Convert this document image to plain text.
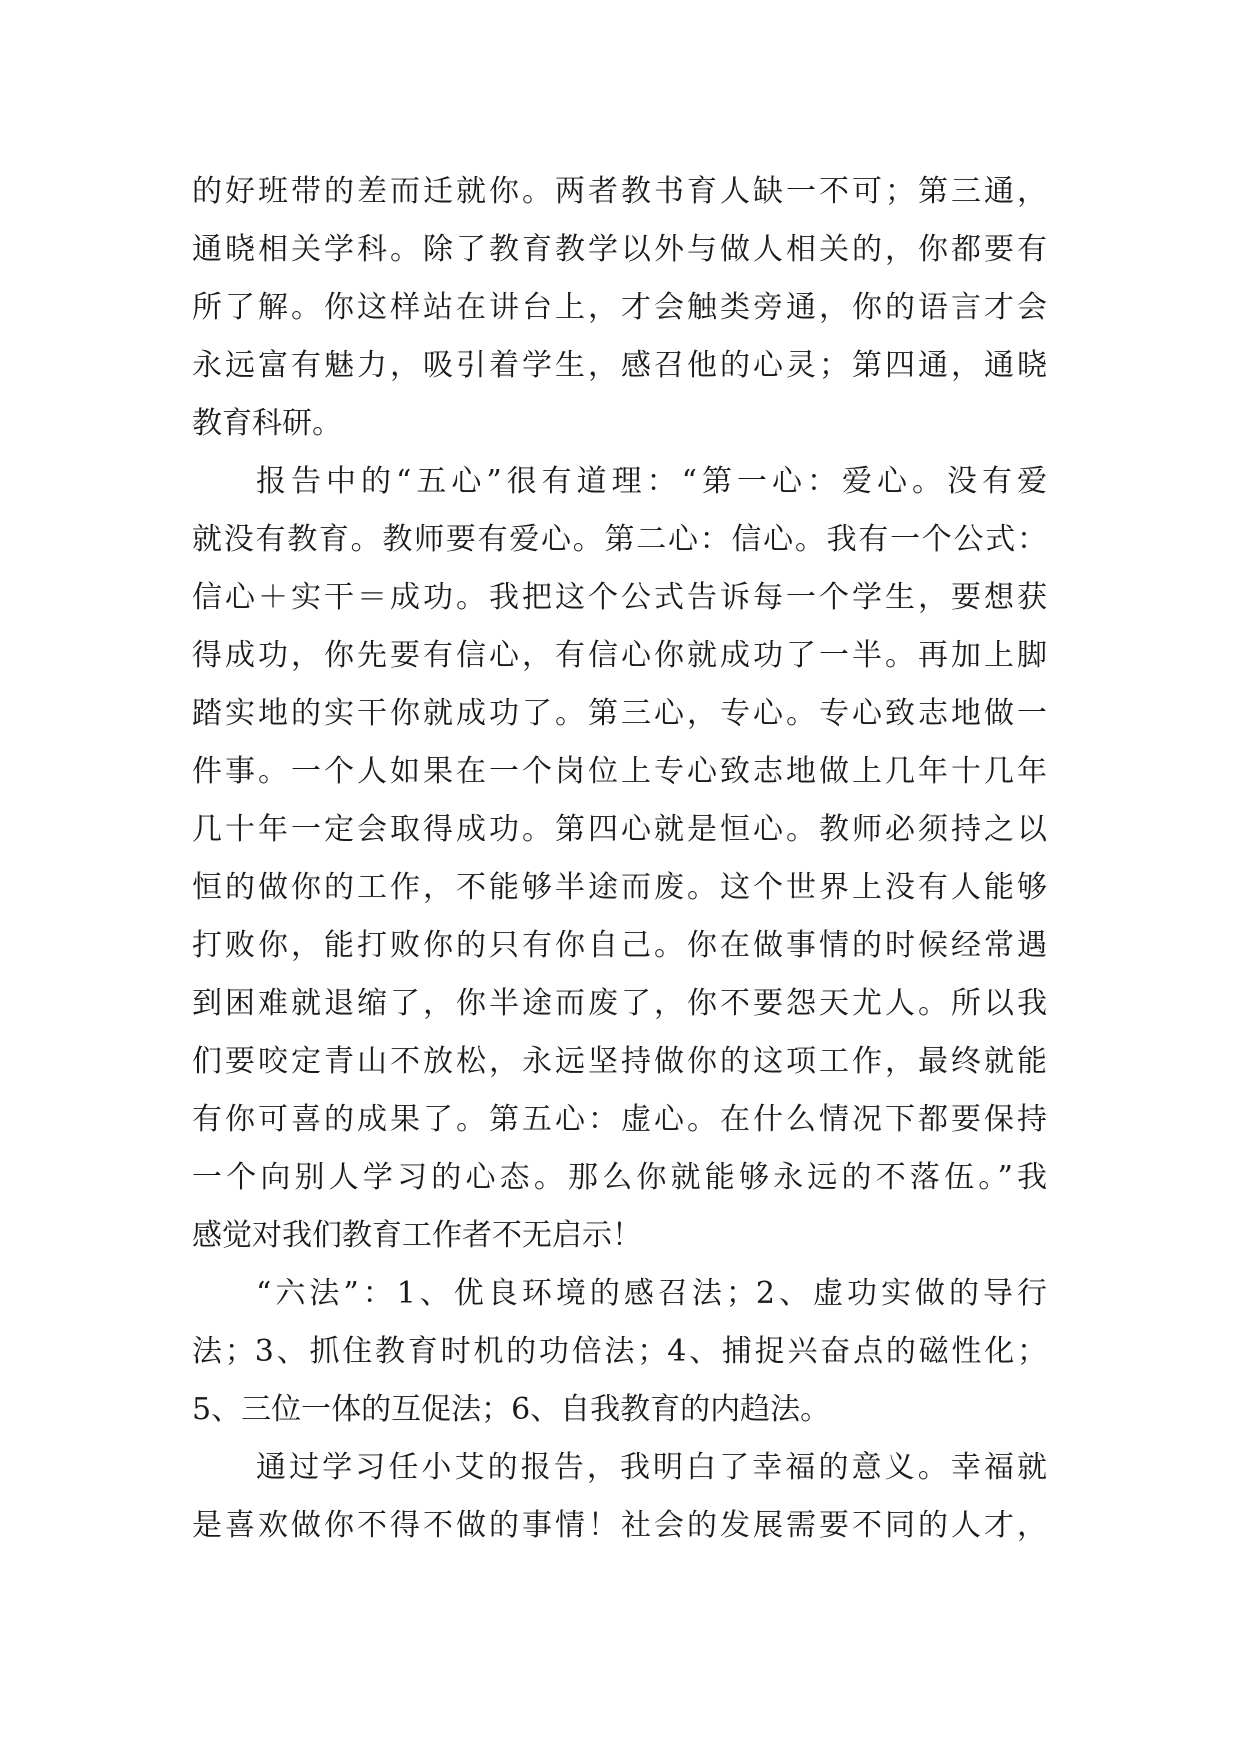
的好班带的差而迁就你。两者教书育人缺一不可；第三通，
通晓相关学科。除了教育教学以外与做人相关的，你都要有
所了解。你这样站在讲台上，才会触类旁通，你的语言才会
永远富有魅力，吸引着学生，感召他的心灵；第四通，通晓
教育科研。
报告中的“五心”很有道理：“第一心：爱心。没有爱
就没有教育。教师要有爱心。第二心：信心。我有一个公式：
信心＋实干＝成功。我把这个公式告诉每一个学生，要想获
得成功，你先要有信心，有信心你就成功了一半。再加上脚
踏实地的实干你就成功了。第三心，专心。专心致志地做一
件事。一个人如果在一个岗位上专心致志地做上几年十几年
几十年一定会取得成功。第四心就是恒心。教师必须持之以
恒的做你的工作，不能够半途而废。这个世界上没有人能够
打败你，能打败你的只有你自己。你在做事情的时候经常遇
到困难就退缩了，你半途而废了，你不要怨天尤人。所以我
们要咬定青山不放松，永远坚持做你的这项工作，最终就能
有你可喜的成果了。第五心：虚心。在什么情况下都要保持
一个向别人学习的心态。那么你就能够永远的不落伍。”我
感觉对我们教育工作者不无启示！
“六法”：1、优良环境的感召法；2、虚功实做的导行
法；3、抓住教育时机的功倍法；4、捕捉兴奋点的磁性化；
5、三位一体的互促法；6、自我教育的内趋法。
通过学习任小艾的报告，我明白了幸福的意义。幸福就
是喜欢做你不得不做的事情！社会的发展需要不同的人才，
